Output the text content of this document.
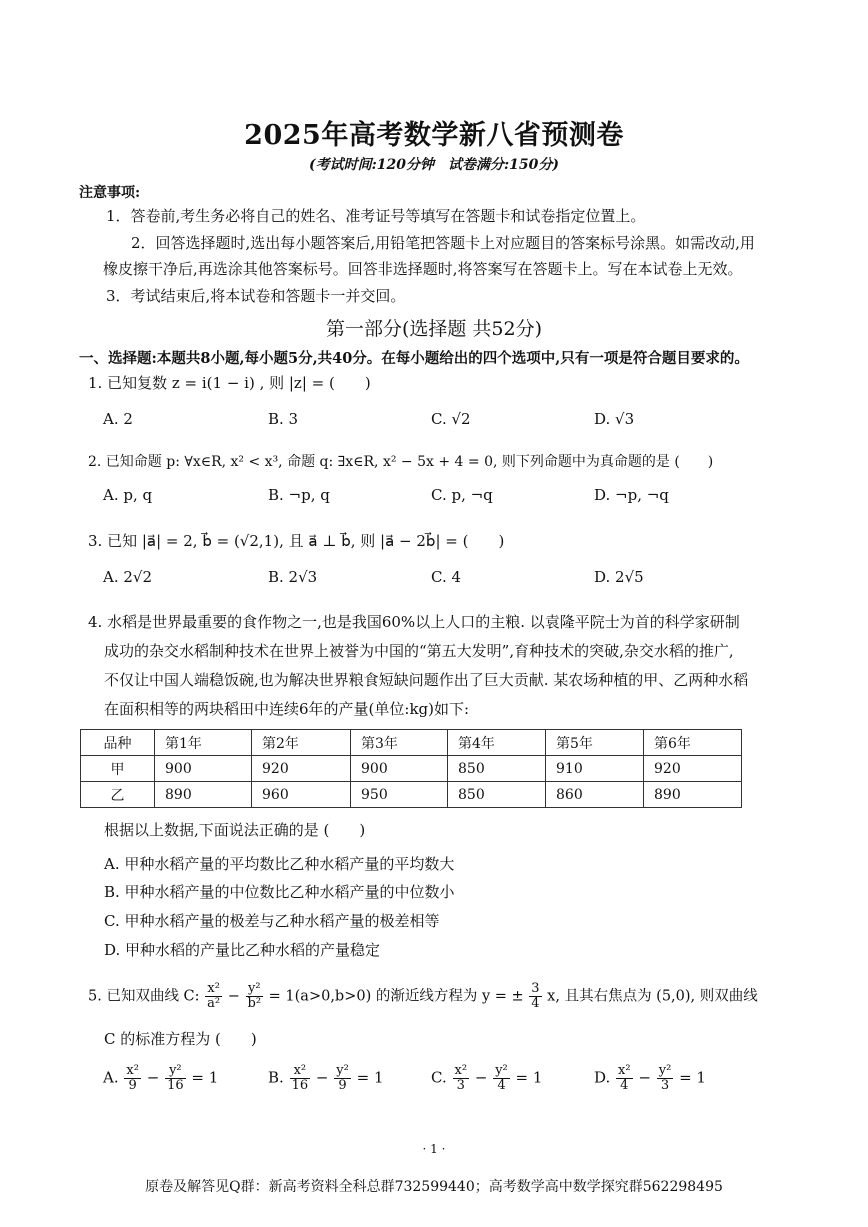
2025年高考数学新八省预测卷
(考试时间:120分钟　试卷满分:150分)
注意事项:
1．答卷前,考生务必将自己的姓名、准考证号等填写在答题卡和试卷指定位置上。
2．回答选择题时,选出每小题答案后,用铅笔把答题卡上对应题目的答案标号涂黑。如需改动,用
橡皮擦干净后,再选涂其他答案标号。回答非选择题时,将答案写在答题卡上。写在本试卷上无效。
3．考试结束后,将本试卷和答题卡一并交回。
第一部分(选择题 共52分)
一、选择题:本题共8小题,每小题5分,共40分。在每小题给出的四个选项中,只有一项是符合题目要求的。
1. 已知复数 z = i(1 − i) , 则 |z| = (　　)
A. 2	B. 3	C. √2	D. √3
2. 已知命题 p: ∀x∈R, x² < x³, 命题 q: ∃x∈R, x² − 5x + 4 = 0, 则下列命题中为真命题的是 (　　)
A. p, q	B. ¬p, q	C. p, ¬q	D. ¬p, ¬q
3. 已知 |a⃗| = 2, b⃗ = (√2,1), 且 a⃗ ⊥ b⃗, 则 |a⃗ − 2b⃗| = (　　)
A. 2√2	B. 2√3	C. 4	D. 2√5
4. 水稻是世界最重要的食作物之一,也是我国60%以上人口的主粮. 以袁隆平院士为首的科学家研制
成功的杂交水稻制种技术在世界上被誉为中国的“第五大发明”,育种技术的突破,杂交水稻的推广,
不仅让中国人端稳饭碗,也为解决世界粮食短缺问题作出了巨大贡献. 某农场种植的甲、乙两种水稻
在面积相等的两块稻田中连续6年的产量(单位:kg)如下:
品种	第1年	第2年	第3年	第4年	第5年	第6年
甲	900	920	900	850	910	920
乙	890	960	950	850	860	890
根据以上数据,下面说法正确的是 (　　)
A. 甲种水稻产量的平均数比乙种水稻产量的平均数大
B. 甲种水稻产量的中位数比乙种水稻产量的中位数小
C. 甲种水稻产量的极差与乙种水稻产量的极差相等
D. 甲种水稻的产量比乙种水稻的产量稳定
5. 已知双曲线 C: $\frac{\text{x²}}{\text{a²}} - \frac{\text{y²}}{\text{b²}} = 1(a>0,b>0)$ 的渐近线方程为 y = ± $\frac{3}{4} x$, 且其右焦点为 (5,0), 则双曲线
C 的标准方程为 (　　)
A. $\frac{\text{x²}}{9} - \frac{\text{y²}}{16} = 1$	B. $\frac{\text{x²}}{16} - \frac{\text{y²}}{9} = 1$	C. $\frac{\text{x²}}{3} - \frac{\text{y²}}{4} = 1$	D. $\frac{\text{x²}}{4} - \frac{\text{y²}}{3} = 1$
· 1 ·
原卷及解答见Q群：新高考资料全科总群732599440；高考数学高中数学探究群562298495
